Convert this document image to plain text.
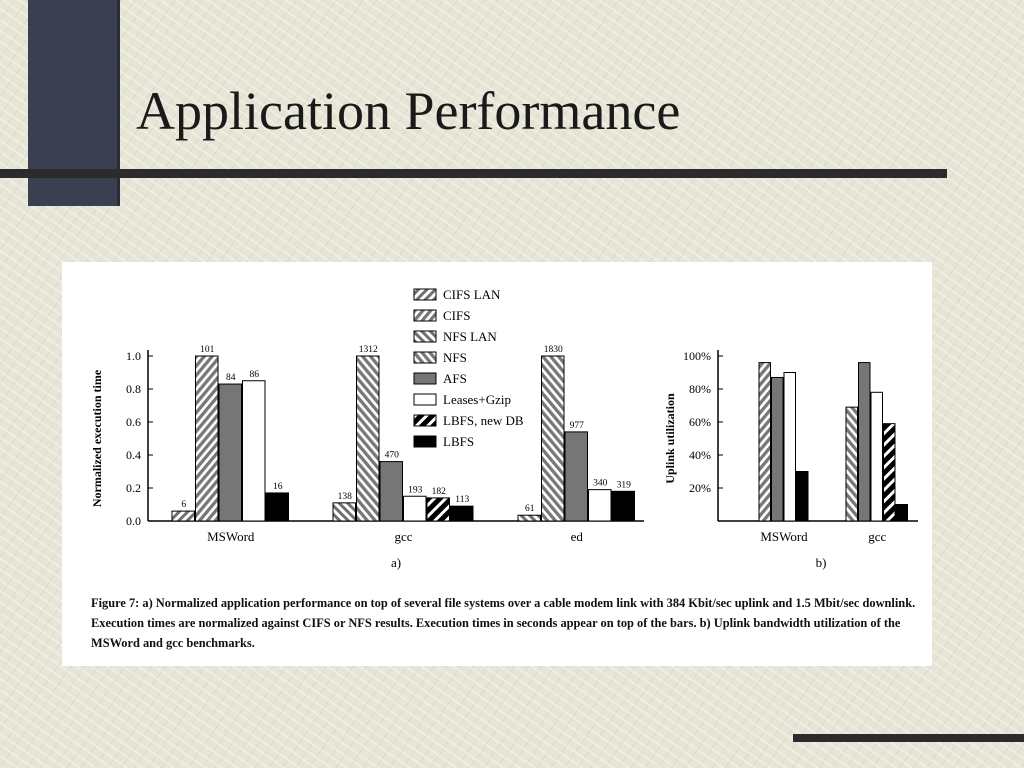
Application Performance
CIFS LAN
CIFS
NFS LAN
NFS
AFS
Leases+Gzip
LBFS, new DB
LBFS
0.0
0.2
0.4
0.6
0.8
1.0
Normalized execution time	6
101
84 86
16
MSWord
138
1312
470
193 182
113
gcc
61
1830
977
340 319
ed
a)
20%
40%
60%
80%
100%
Uplink utilization
MSWord	gcc
b)

Figure 7: a) Normalized application performance on top of several file systems over a cable modem link with 384 Kbit/sec uplink and 1.5 Mbit/sec downlink. Execution times are normalized against CIFS or NFS results. Execution times in seconds appear on top of the bars. b) Uplink bandwidth utilization of the MSWord and gcc benchmarks.
